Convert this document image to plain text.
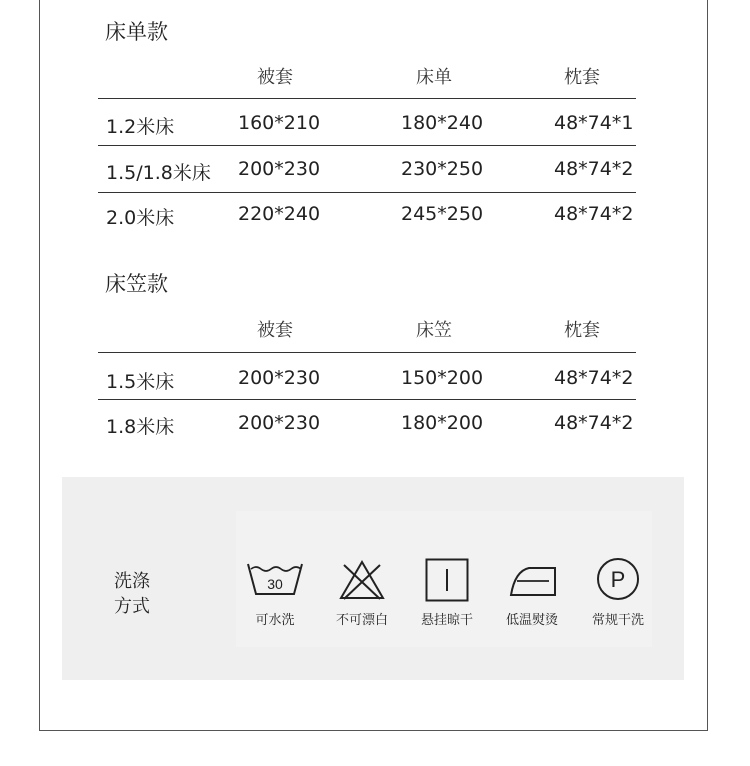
床单款
被套	床单	枕套
1.2米床	160*210	180*240	48*74*1
1.5/1.8米床 200*230	230*250	48*74*2
2.0米床	220*240	245*250	48*74*2
床笠款
被套	床笠	枕套
1.5米床	200*230	150*200	48*74*2
1.8米床	200*230	180*200	48*74*2
洗涤
方式
30
可水洗	不可漂白	悬挂晾干	低温熨烫
P
常规干洗
